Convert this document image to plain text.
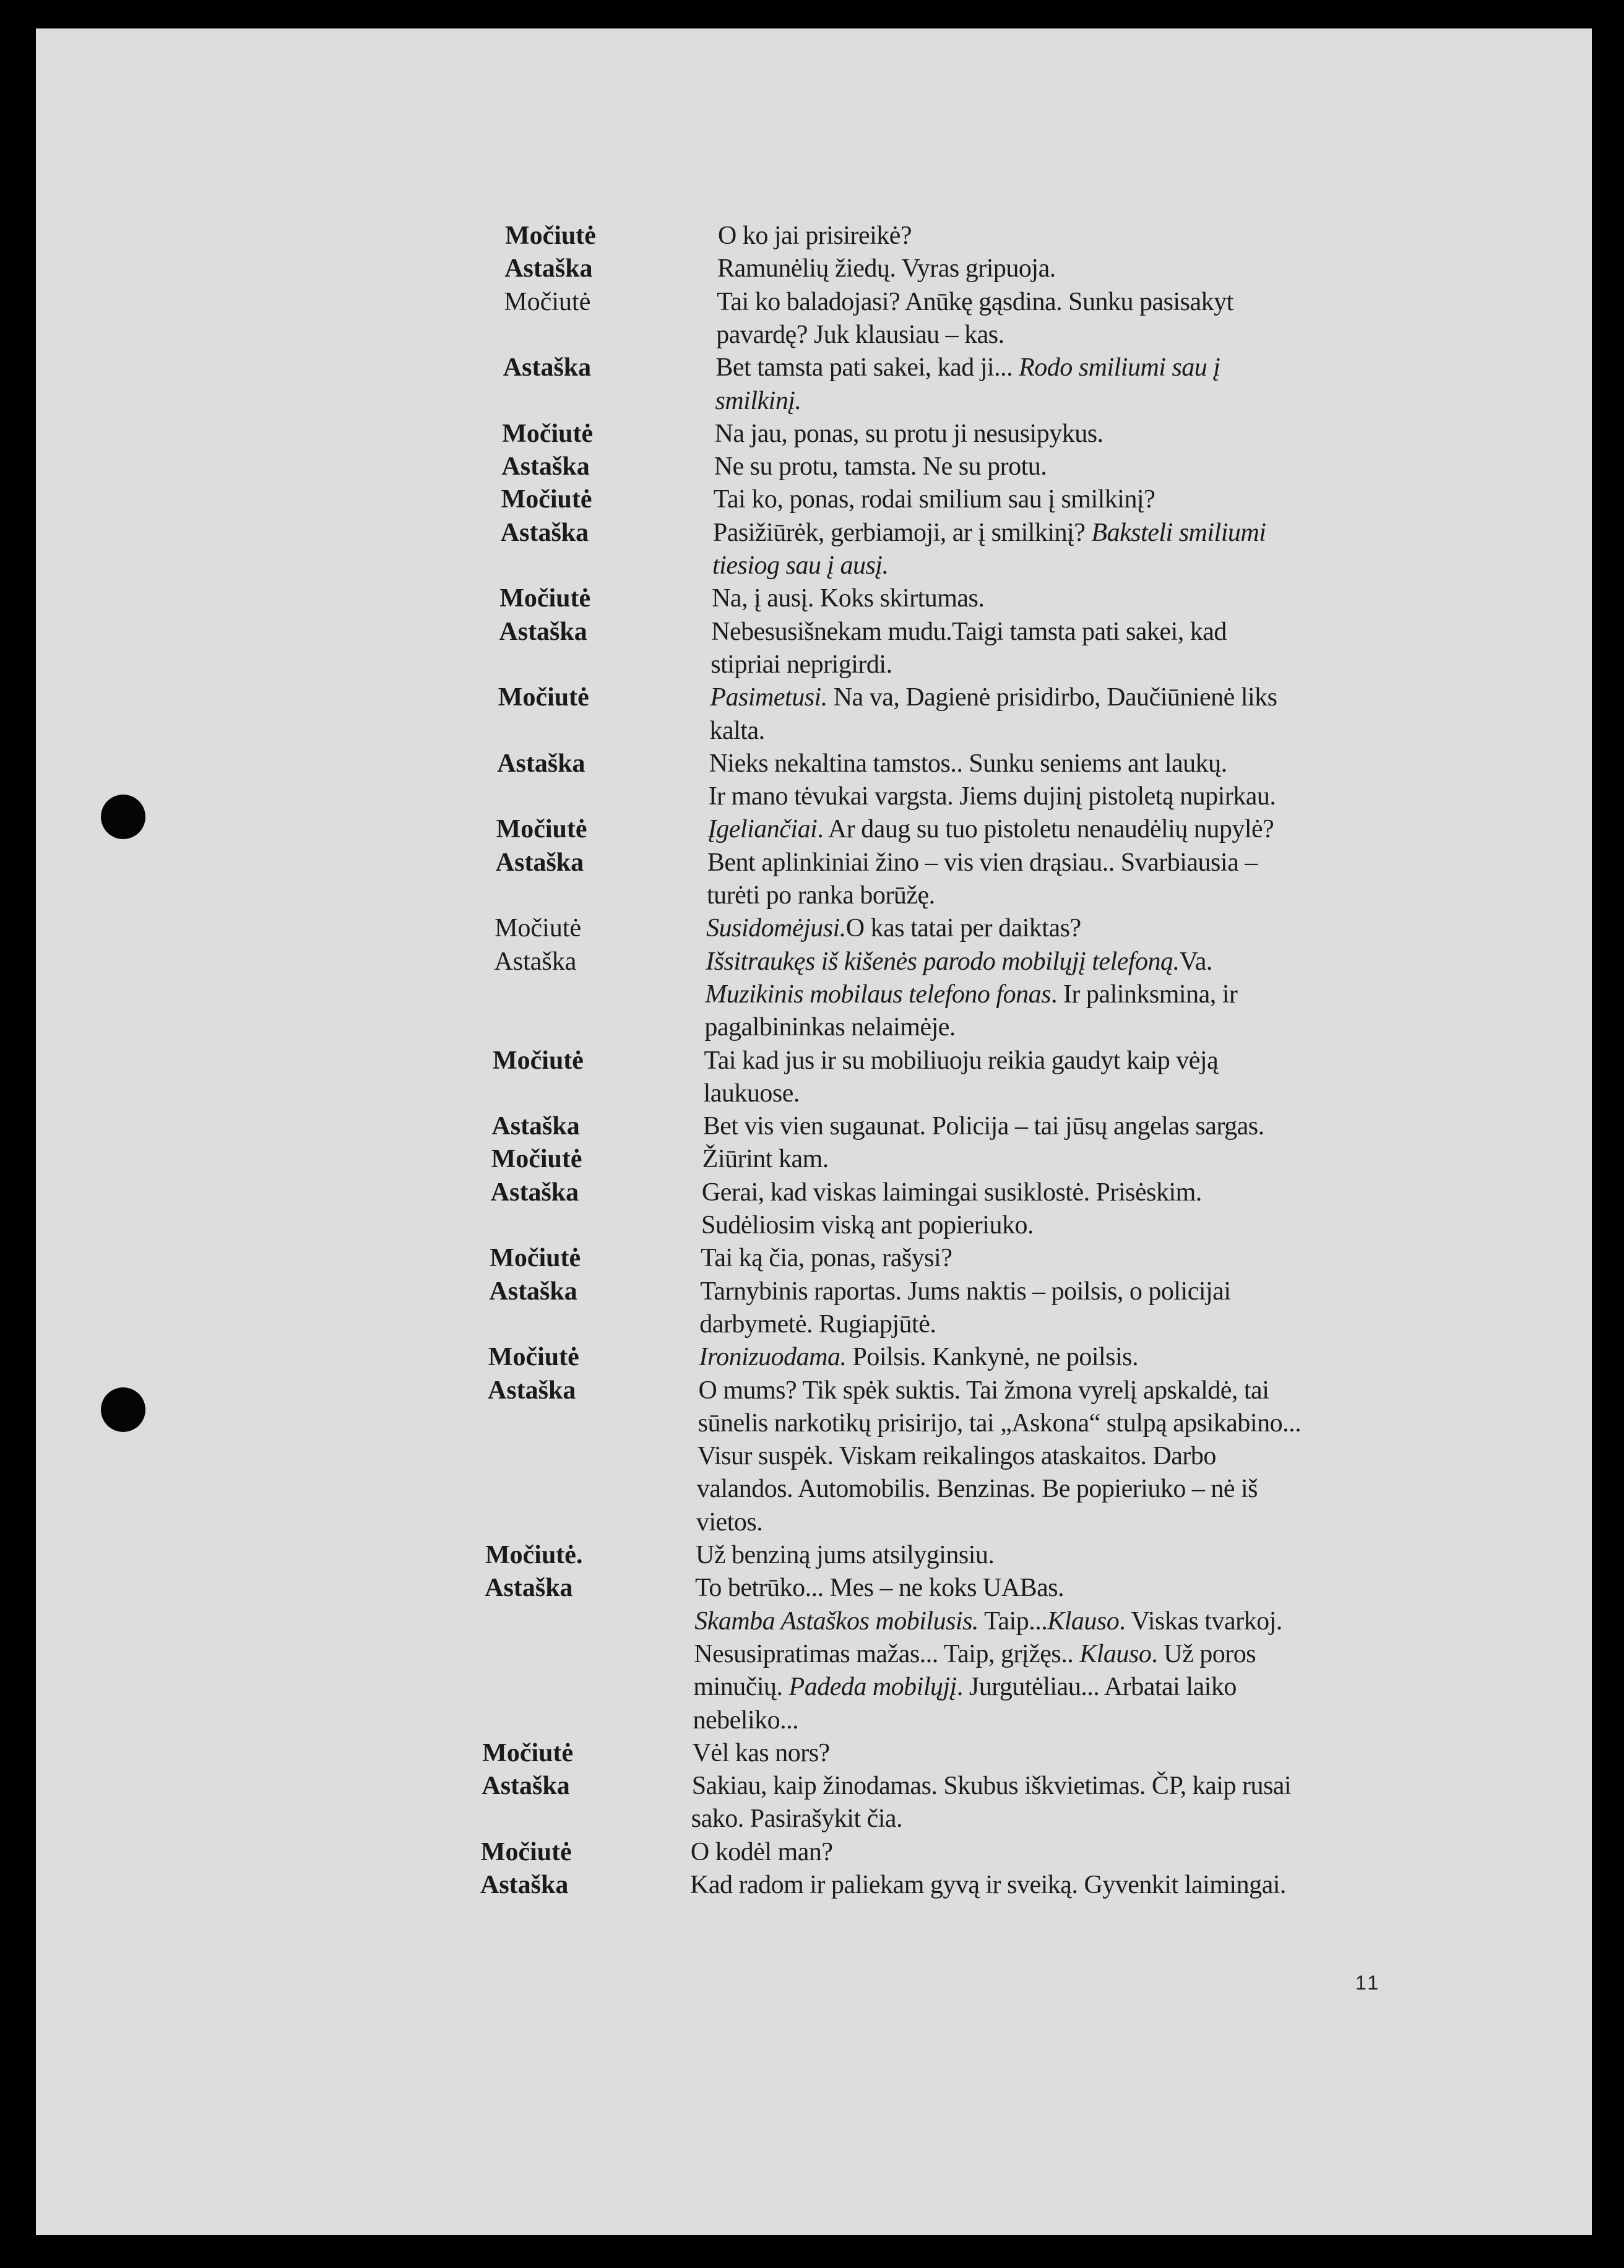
Močiutė	O ko jai prisireikė?
Astaška	Ramunėlių žiedų. Vyras gripuoja.
Močiutė	Tai ko baladojasi? Anūkę gąsdina. Sunku pasisakyt
pavardę? Juk klausiau – kas.
Astaška	Bet tamsta pati sakei, kad ji... Rodo smiliumi sau į
smilkinį.
Močiutė	Na jau, ponas, su protu ji nesusipykus.
Astaška	Ne su protu, tamsta. Ne su protu.
Močiutė	Tai ko, ponas, rodai smilium sau į smilkinį?
Astaška	Pasižiūrėk, gerbiamoji, ar į smilkinį? Baksteli smiliumi
tiesiog sau į ausį.
Močiutė	Na, į ausį. Koks skirtumas.
Astaška	Nebesusišnekam mudu.Taigi tamsta pati sakei, kad
stipriai neprigirdi.
Močiutė	Pasimetusi. Na va, Dagienė prisidirbo, Daučiūnienė liks
kalta.
Astaška	Nieks nekaltina tamstos.. Sunku seniems ant laukų.
Ir mano tėvukai vargsta. Jiems dujinį pistoletą nupirkau.
Močiutė	Įgeliančiai. Ar daug su tuo pistoletu nenaudėlių nupylė?
Astaška	Bent aplinkiniai žino – vis vien drąsiau.. Svarbiausia –
turėti po ranka borūžę.
Močiutė	Susidomėjusi.O kas tatai per daiktas?
Astaška	Išsitraukęs iš kišenės parodo mobilųjį telefoną.Va.
Muzikinis mobilaus telefono fonas. Ir palinksmina, ir
pagalbininkas nelaimėje.
Močiutė	Tai kad jus ir su mobiliuoju reikia gaudyt kaip vėją
laukuose.
Astaška	Bet vis vien sugaunat. Policija – tai jūsų angelas sargas.
Močiutė	Žiūrint kam.
Astaška	Gerai, kad viskas laimingai susiklostė. Prisėskim.
Sudėliosim viską ant popieriuko.
Močiutė	Tai ką čia, ponas, rašysi?
Astaška	Tarnybinis raportas. Jums naktis – poilsis, o policijai
darbymetė. Rugiapjūtė.
Močiutė	Ironizuodama. Poilsis. Kankynė, ne poilsis.
Astaška	O mums? Tik spėk suktis. Tai žmona vyrelį apskaldė, tai
sūnelis narkotikų prisirijo, tai „Askona“ stulpą apsikabino...
Visur suspėk. Viskam reikalingos ataskaitos. Darbo
valandos. Automobilis. Benzinas. Be popieriuko – nė iš
vietos.
Močiutė.	Už benziną jums atsilyginsiu.
Astaška	To betrūko... Mes – ne koks UABas.
Skamba Astaškos mobilusis. Taip...Klauso. Viskas tvarkoj.
Nesusipratimas mažas... Taip, grįžęs.. Klauso. Už poros
minučių. Padeda mobilųjį. Jurgutėliau... Arbatai laiko
nebeliko...
Močiutė	Vėl kas nors?
Astaška	Sakiau, kaip žinodamas. Skubus iškvietimas. ČP, kaip rusai
sako. Pasirašykit čia.
Močiutė	O kodėl man?
Astaška	Kad radom ir paliekam gyvą ir sveiką. Gyvenkit laimingai.
11
